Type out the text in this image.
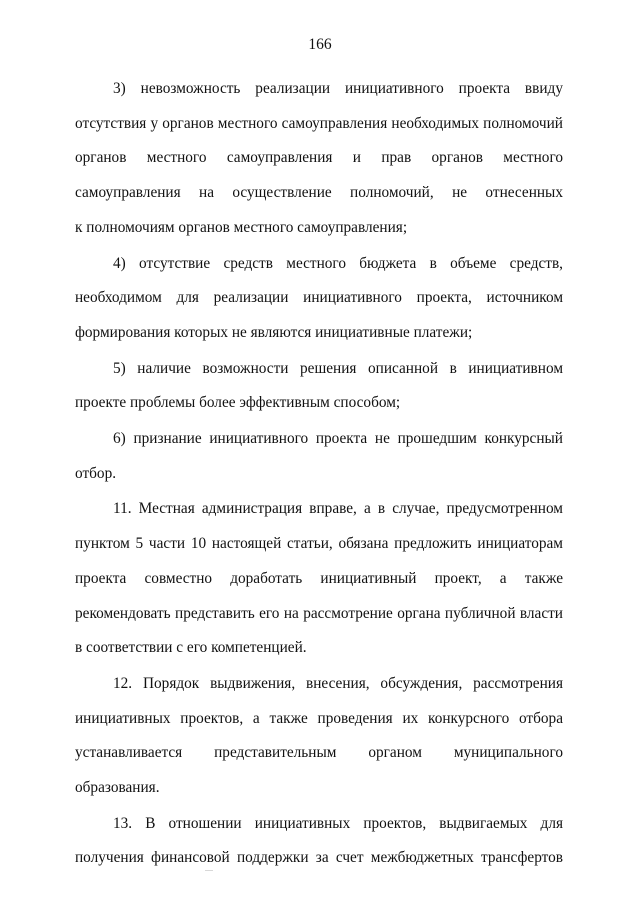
166
3) невозможность реализации инициативного проекта ввиду
отсутствия у органов местного самоуправления необходимых полномочий
органов местного самоуправления и прав органов местного
самоуправления на осуществление полномочий, не отнесенных
к полномочиям органов местного самоуправления;
4) отсутствие средств местного бюджета в объеме средств,
необходимом для реализации инициативного проекта, источником
формирования которых не являются инициативные платежи;
5) наличие возможности решения описанной в инициативном
проекте проблемы более эффективным способом;
6) признание инициативного проекта не прошедшим конкурсный
отбор.
11. Местная администрация вправе, а в случае, предусмотренном
пунктом 5 части 10 настоящей статьи, обязана предложить инициаторам
проекта совместно доработать инициативный проект, а также
рекомендовать представить его на рассмотрение органа публичной власти
в соответствии с его компетенцией.
12. Порядок выдвижения, внесения, обсуждения, рассмотрения
инициативных проектов, а также проведения их конкурсного отбора
устанавливается представительным органом муниципального образования.
13. В отношении инициативных проектов, выдвигаемых для
получения финансовой поддержки за счет межбюджетных трансфертов
